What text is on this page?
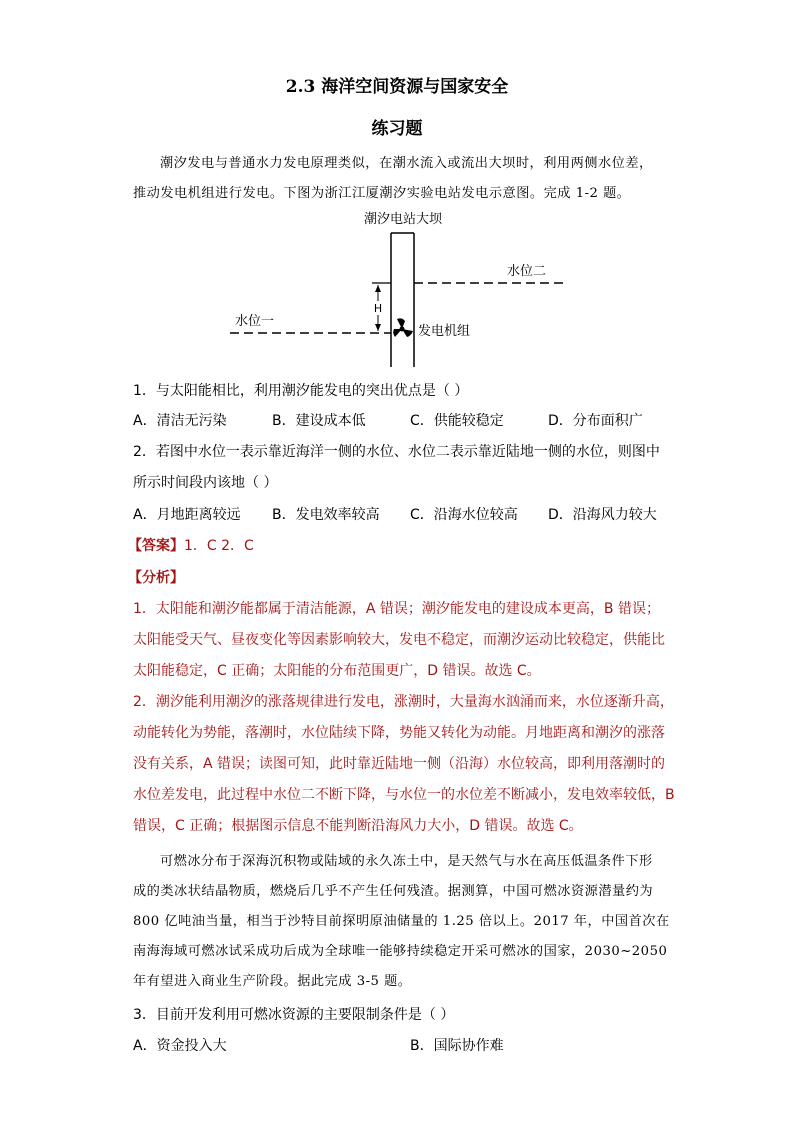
2.3 海洋空间资源与国家安全
练习题
潮汐发电与普通水力发电原理类似，在潮水流入或流出大坝时，利用两侧水位差，
推动发电机组进行发电。下图为浙江江厦潮汐实验电站发电示意图。完成 1-2 题。
H
潮汐电站大坝
水位二
水位一
发电机组
1．与太阳能相比，利用潮汐能发电的突出优点是（ ）
A．清洁无污染	B．建设成本低	C．供能较稳定	D．分布面积广
2．若图中水位一表示靠近海洋一侧的水位、水位二表示靠近陆地一侧的水位，则图中
所示时间段内该地（ ）
A．月地距离较远 B．发电效率较高 C．沿海水位较高 D．沿海风力较大
【答案】1．C 2．C
【分析】
1．太阳能和潮汐能都属于清洁能源，A 错误；潮汐能发电的建设成本更高，B 错误；
太阳能受天气、昼夜变化等因素影响较大，发电不稳定，而潮汐运动比较稳定，供能比
太阳能稳定，C 正确；太阳能的分布范围更广，D 错误。故选 C。
2．潮汐能利用潮汐的涨落规律进行发电，涨潮时，大量海水汹涌而来，水位逐渐升高，
动能转化为势能，落潮时，水位陆续下降，势能又转化为动能。月地距离和潮汐的涨落
没有关系，A 错误；读图可知，此时靠近陆地一侧（沿海）水位较高，即利用落潮时的
水位差发电，此过程中水位二不断下降，与水位一的水位差不断减小，发电效率较低，B
错误，C 正确；根据图示信息不能判断沿海风力大小，D 错误。故选 C。
可燃冰分布于深海沉积物或陆域的永久冻土中，是天然气与水在高压低温条件下形
成的类冰状结晶物质，燃烧后几乎不产生任何残渣。据测算，中国可燃冰资源潜量约为
800 亿吨油当量，相当于沙特目前探明原油储量的 1.25 倍以上。2017 年，中国首次在
南海海域可燃冰试采成功后成为全球唯一能够持续稳定开采可燃冰的国家，2030~2050
年有望进入商业生产阶段。据此完成 3-5 题。
3．目前开发利用可燃冰资源的主要限制条件是（ ）
A．资金投入大	B．国际协作难
